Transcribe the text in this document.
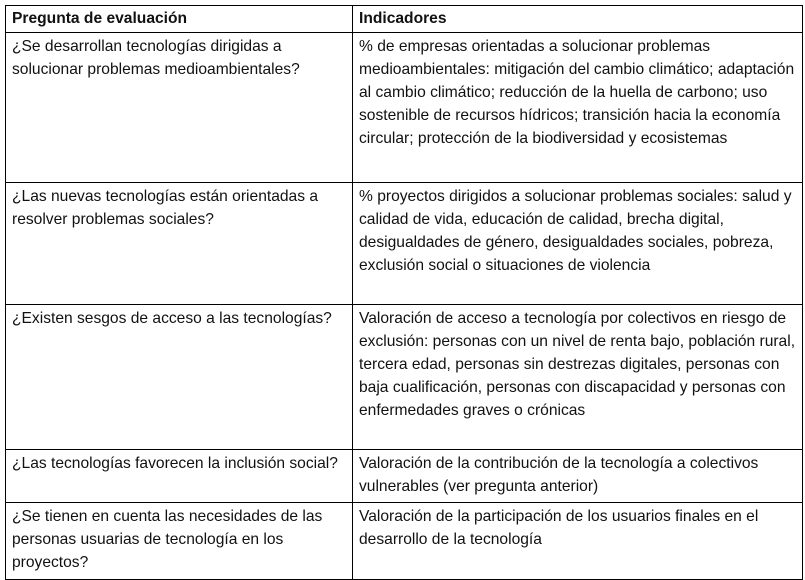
Pregunta de evaluación	Indicadores
¿Se desarrollan tecnologías dirigidas a solucionar problemas medioambientales?	% de empresas orientadas a solucionar problemas medioambientales: mitigación del cambio climático; adaptación al cambio climático; reducción de la huella de carbono; uso sostenible de recursos hídricos; transición hacia la economía circular; protección de la biodiversidad y ecosistemas
¿Las nuevas tecnologías están orientadas a resolver problemas sociales?	% proyectos dirigidos a solucionar problemas sociales: salud y calidad de vida, educación de calidad, brecha digital, desigualdades de género, desigualdades sociales, pobreza, exclusión social o situaciones de violencia
¿Existen sesgos de acceso a las tecnologías?	Valoración de acceso a tecnología por colectivos en riesgo de exclusión: personas con un nivel de renta bajo, población rural, tercera edad, personas sin destrezas digitales, personas con baja cualificación, personas con discapacidad y personas con enfermedades graves o crónicas
¿Las tecnologías favorecen la inclusión social?	Valoración de la contribución de la tecnología a colectivos vulnerables (ver pregunta anterior)
¿Se tienen en cuenta las necesidades de las personas usuarias de tecnología en los proyectos?	Valoración de la participación de los usuarios finales en el desarrollo de la tecnología
